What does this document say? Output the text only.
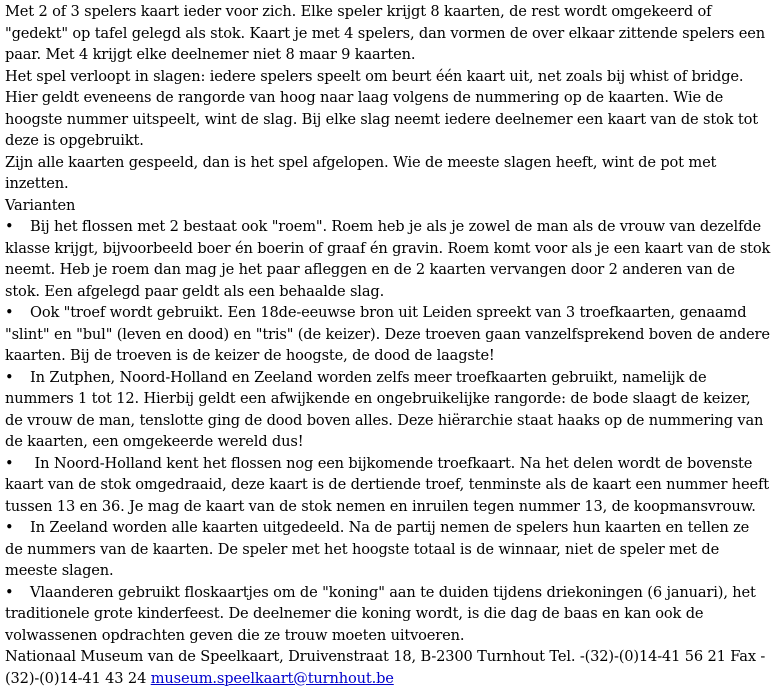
Met 2 of 3 spelers kaart ieder voor zich. Elke speler krijgt 8 kaarten, de rest wordt omgekeerd of "gedekt" op tafel gelegd als stok. Kaart je met 4 spelers, dan vormen de over elkaar zittende spelers een paar. Met 4 krijgt elke deelnemer niet 8 maar 9 kaarten.

Het spel verloopt in slagen: iedere spelers speelt om beurt één kaart uit, net zoals bij whist of bridge. Hier geldt eveneens de rangorde van hoog naar laag volgens de nummering op de kaarten. Wie de hoogste nummer uitspeelt, wint de slag. Bij elke slag neemt iedere deelnemer een kaart van de stok tot deze is opgebruikt.

Zijn alle kaarten gespeeld, dan is het spel afgelopen. Wie de meeste slagen heeft, wint de pot met inzetten.

Varianten

• Bij het flossen met 2 bestaat ook "roem". Roem heb je als je zowel de man als de vrouw van dezelfde klasse krijgt, bijvoorbeeld boer én boerin of graaf én gravin. Roem komt voor als je een kaart van de stok neemt. Heb je roem dan mag je het paar afleggen en de 2 kaarten vervangen door 2 anderen van de stok. Een afgelegd paar geldt als een behaalde slag.

• Ook "troef wordt gebruikt. Een 18de-eeuwse bron uit Leiden spreekt van 3 troefkaarten, genaamd "slint" en "bul" (leven en dood) en "tris" (de keizer). Deze troeven gaan vanzelfsprekend boven de andere kaarten. Bij de troeven is de keizer de hoogste, de dood de laagste!

• In Zutphen, Noord-Holland en Zeeland worden zelfs meer troefkaarten gebruikt, namelijk de nummers 1 tot 12. Hierbij geldt een afwijkende en ongebruikelijke rangorde: de bode slaagt de keizer, de vrouw de man, tenslotte ging de dood boven alles. Deze hiërarchie staat haaks op de nummering van de kaarten, een omgekeerde wereld dus!

• In Noord-Holland kent het flossen nog een bijkomende troefkaart. Na het delen wordt de bovenste kaart van de stok omgedraaid, deze kaart is de dertiende troef, tenminste als de kaart een nummer heeft tussen 13 en 36. Je mag de kaart van de stok nemen en inruilen tegen nummer 13, de koopmansvrouw.

• In Zeeland worden alle kaarten uitgedeeld. Na de partij nemen de spelers hun kaarten en tellen ze de nummers van de kaarten. De speler met het hoogste totaal is de winnaar, niet de speler met de meeste slagen.

• Vlaanderen gebruikt floskaartjes om de "koning" aan te duiden tijdens driekoningen (6 januari), het traditionele grote kinderfeest. De deelnemer die koning wordt, is die dag de baas en kan ook de volwassenen opdrachten geven die ze trouw moeten uitvoeren.

Nationaal Museum van de Speelkaart, Druivenstraat 18, B-2300 Turnhout Tel. -(32)-(0)14-41 56 21 Fax -(32)-(0)14-41 43 24 museum.speelkaart@turnhout.be
